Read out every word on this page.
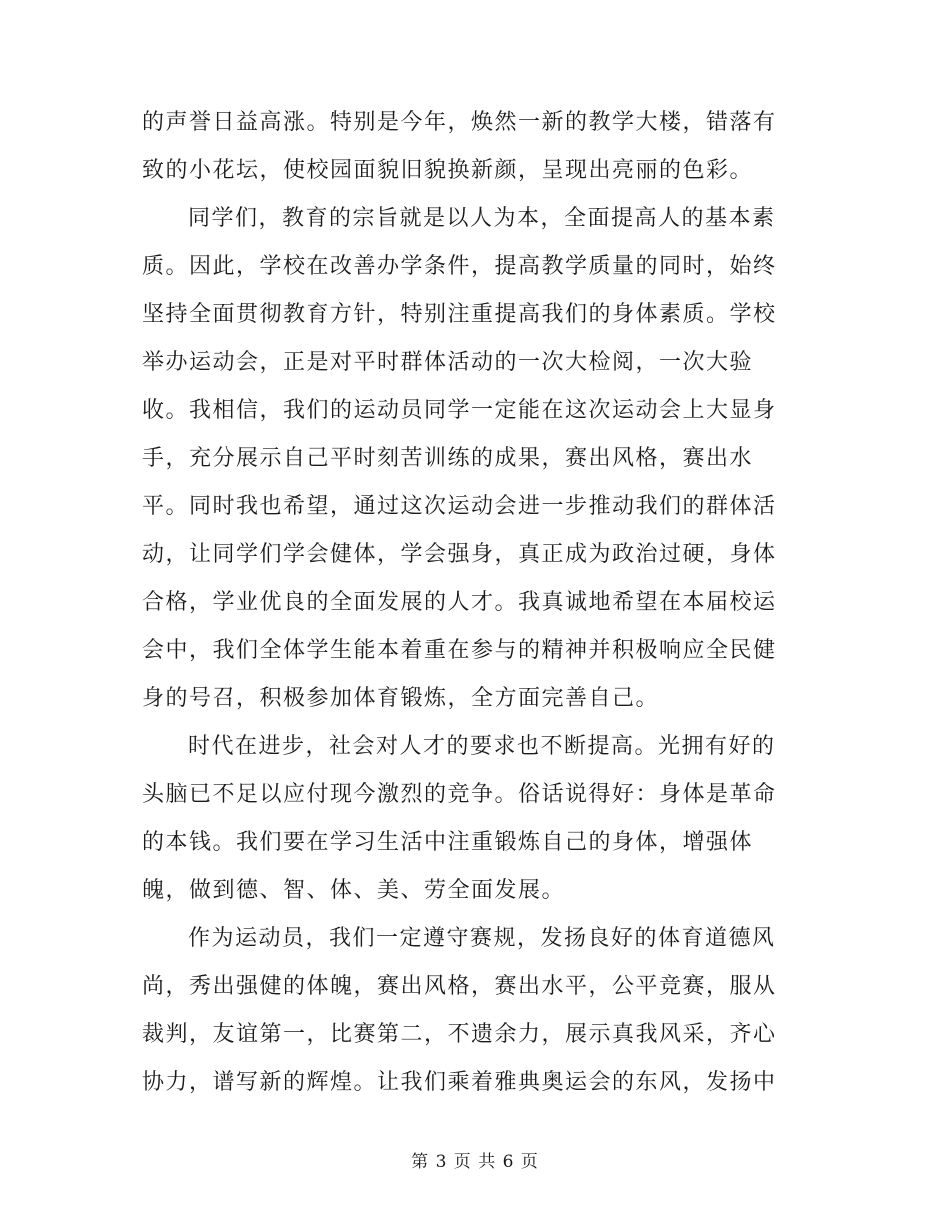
的声誉日益高涨。特别是今年，焕然一新的教学大楼，错落有
致的小花坛，使校园面貌旧貌换新颜，呈现出亮丽的色彩。
同学们，教育的宗旨就是以人为本，全面提高人的基本素
质。因此，学校在改善办学条件，提高教学质量的同时，始终
坚持全面贯彻教育方针，特别注重提高我们的身体素质。学校
举办运动会，正是对平时群体活动的一次大检阅，一次大验
收。我相信，我们的运动员同学一定能在这次运动会上大显身
手，充分展示自己平时刻苦训练的成果，赛出风格，赛出水
平。同时我也希望，通过这次运动会进一步推动我们的群体活
动，让同学们学会健体，学会强身，真正成为政治过硬，身体
合格，学业优良的全面发展的人才。我真诚地希望在本届校运
会中，我们全体学生能本着重在参与的精神并积极响应全民健
身的号召，积极参加体育锻炼，全方面完善自己。
时代在进步，社会对人才的要求也不断提高。光拥有好的
头脑已不足以应付现今激烈的竞争。俗话说得好：身体是革命
的本钱。我们要在学习生活中注重锻炼自己的身体，增强体
魄，做到德、智、体、美、劳全面发展。
作为运动员，我们一定遵守赛规，发扬良好的体育道德风
尚，秀出强健的体魄，赛出风格，赛出水平，公平竞赛，服从
裁判，友谊第一，比赛第二，不遗余力，展示真我风采，齐心
协力，谱写新的辉煌。让我们乘着雅典奥运会的东风，发扬中
第 3 页 共 6 页
